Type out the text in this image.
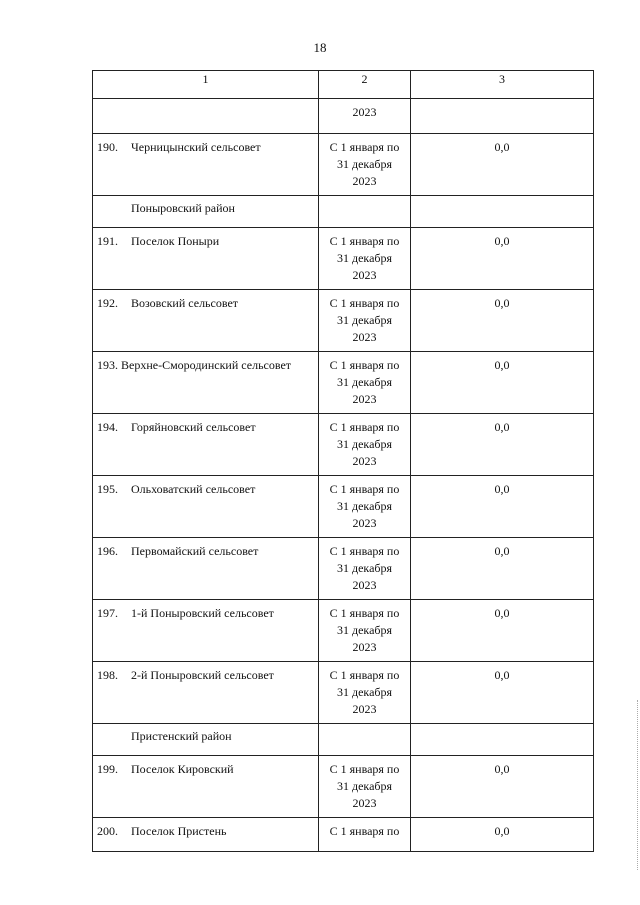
18
1	2	3
	2023	
190. Черницынский сельсовет	С 1 января по
31 декабря
2023	0,0
Поныровский район		
191. Поселок Поныри	С 1 января по
31 декабря
2023	0,0
192. Возовский сельсовет	С 1 января по
31 декабря
2023	0,0
193. Верхне-Смородинский сельсовет	С 1 января по
31 декабря
2023	0,0
194. Горяйновский сельсовет	С 1 января по
31 декабря
2023	0,0
195. Ольховатский сельсовет	С 1 января по
31 декабря
2023	0,0
196. Первомайский сельсовет	С 1 января по
31 декабря
2023	0,0
197. 1-й Поныровский сельсовет	С 1 января по
31 декабря
2023	0,0
198. 2-й Поныровский сельсовет	С 1 января по
31 декабря
2023	0,0
Пристенский район		
199. Поселок Кировский	С 1 января по
31 декабря
2023	0,0
200. Поселок Пристень	С 1 января по	0,0
